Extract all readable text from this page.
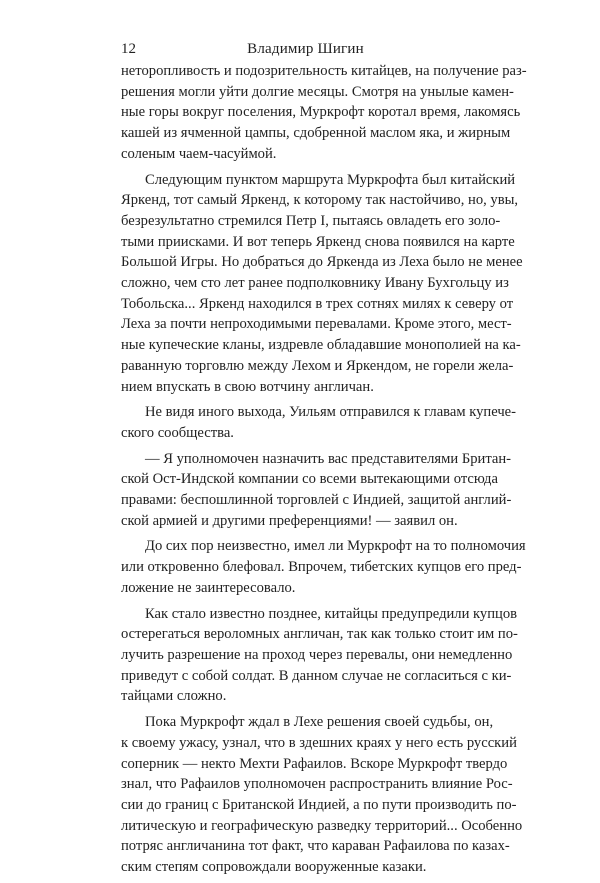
12	Владимир Шигин

неторопливость и подозрительность китайцев, на получение раз-
решения могли уйти долгие месяцы. Смотря на унылые камен-
ные горы вокруг поселения, Муркрофт коротал время, лакомясь
кашей из ячменной цампы, сдобренной маслом яка, и жирным
соленым чаем-часуймой.

Следующим пунктом маршрута Муркрофта был китайский
Яркенд, тот самый Яркенд, к которому так настойчиво, но, увы,
безрезультатно стремился Петр I, пытаясь овладеть его золо-
тыми приисками. И вот теперь Яркенд снова появился на карте
Большой Игры. Но добраться до Яркенда из Леха было не менее
сложно, чем сто лет ранее подполковнику Ивану Бухгольцу из
Тобольска... Яркенд находился в трех сотнях милях к северу от
Леха за почти непроходимыми перевалами. Кроме этого, мест-
ные купеческие кланы, издревле обладавшие монополией на ка-
раванную торговлю между Лехом и Яркендом, не горели жела-
нием впускать в свою вотчину англичан.

Не видя иного выхода, Уильям отправился к главам купече-
ского сообщества.

— Я уполномочен назначить вас представителями Британ-
ской Ост-Индской компании со всеми вытекающими отсюда
правами: беспошлинной торговлей с Индией, защитой англий-
ской армией и другими преференциями! — заявил он.

До сих пор неизвестно, имел ли Муркрофт на то полномочия
или откровенно блефовал. Впрочем, тибетских купцов его пред-
ложение не заинтересовало.

Как стало известно позднее, китайцы предупредили купцов
остерегаться вероломных англичан, так как только стоит им по-
лучить разрешение на проход через перевалы, они немедленно
приведут с собой солдат. В данном случае не согласиться с ки-
тайцами сложно.

Пока Муркрофт ждал в Лехе решения своей судьбы, он,
к своему ужасу, узнал, что в здешних краях у него есть русский
соперник — некто Мехти Рафаилов. Вскоре Муркрофт твердо
знал, что Рафаилов уполномочен распространить влияние Рос-
сии до границ с Британской Индией, а по пути производить по-
литическую и географическую разведку территорий... Особенно
потряс англичанина тот факт, что караван Рафаилова по казах-
ским степям сопровождали вооруженные казаки.
